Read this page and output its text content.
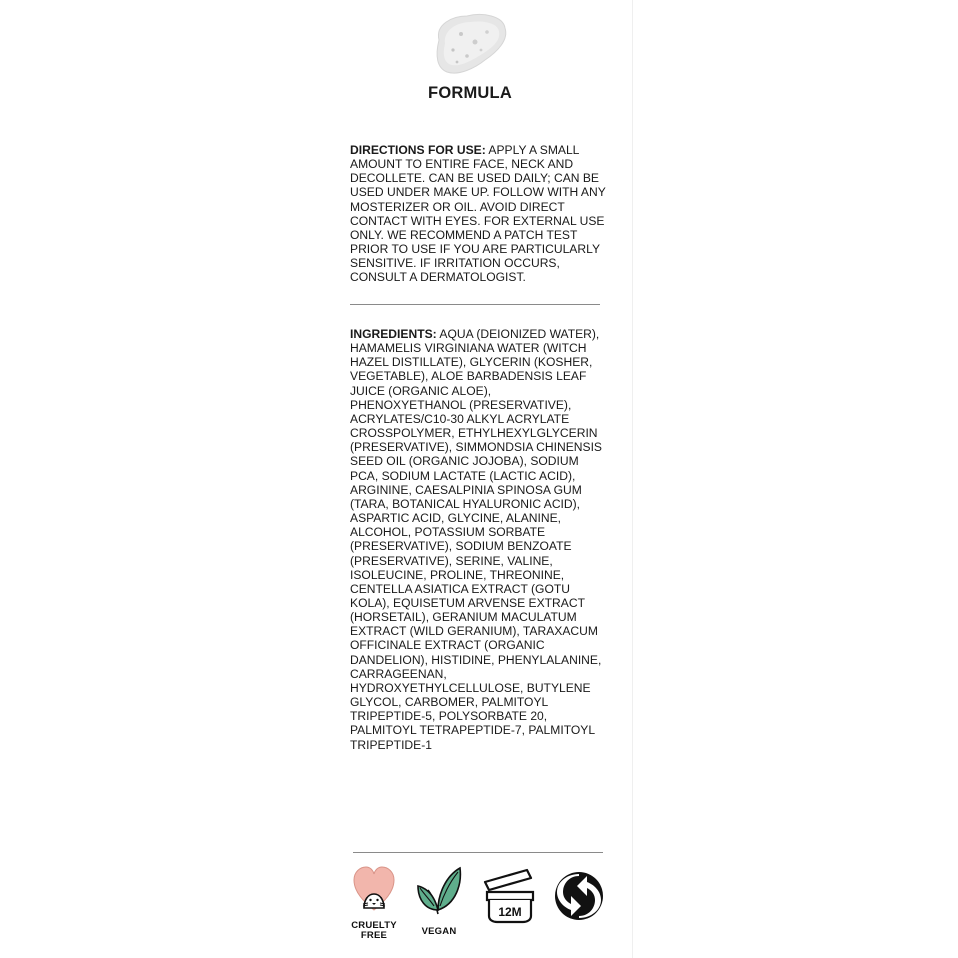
FORMULA
DIRECTIONS FOR USE: APPLY A SMALL AMOUNT TO ENTIRE FACE, NECK AND DECOLLETE. CAN BE USED DAILY; CAN BE USED UNDER MAKE UP. FOLLOW WITH ANY MOSTERIZER OR OIL. AVOID DIRECT CONTACT WITH EYES. FOR EXTERNAL USE ONLY. WE RECOMMEND A PATCH TEST PRIOR TO USE IF YOU ARE PARTICULARLY SENSITIVE. IF IRRITATION OCCURS, CONSULT A DERMATOLOGIST.
INGREDIENTS: AQUA (DEIONIZED WATER), HAMAMELIS VIRGINIANA WATER (WITCH HAZEL DISTILLATE), GLYCERIN (KOSHER, VEGETABLE), ALOE BARBADENSIS LEAF JUICE (ORGANIC ALOE), PHENOXYETHANOL (PRESERVATIVE), ACRYLATES/C10-30 ALKYL ACRYLATE CROSSPOLYMER, ETHYLHEXYLGLYCERIN (PRESERVATIVE), SIMMONDSIA CHINENSIS SEED OIL (ORGANIC JOJOBA), SODIUM PCA, SODIUM LACTATE (LACTIC ACID), ARGININE, CAESALPINIA SPINOSA GUM (TARA, BOTANICAL HYALURONIC ACID), ASPARTIC ACID, GLYCINE, ALANINE, ALCOHOL, POTASSIUM SORBATE (PRESERVATIVE), SODIUM BENZOATE (PRESERVATIVE), SERINE, VALINE, ISOLEUCINE, PROLINE, THREONINE, CENTELLA ASIATICA EXTRACT (GOTU KOLA), EQUISETUM ARVENSE EXTRACT (HORSETAIL), GERANIUM MACULATUM EXTRACT (WILD GERANIUM), TARAXACUM OFFICINALE EXTRACT (ORGANIC DANDELION), HISTIDINE, PHENYLALANINE, CARRAGEENAN, HYDROXYETHYLCELLULOSE, BUTYLENE GLYCOL, CARBOMER, PALMITOYL TRIPEPTIDE-5, POLYSORBATE 20, PALMITOYL TETRAPEPTIDE-7, PALMITOYL TRIPEPTIDE-1
CRUELTY
FREE	VEGAN
12M
